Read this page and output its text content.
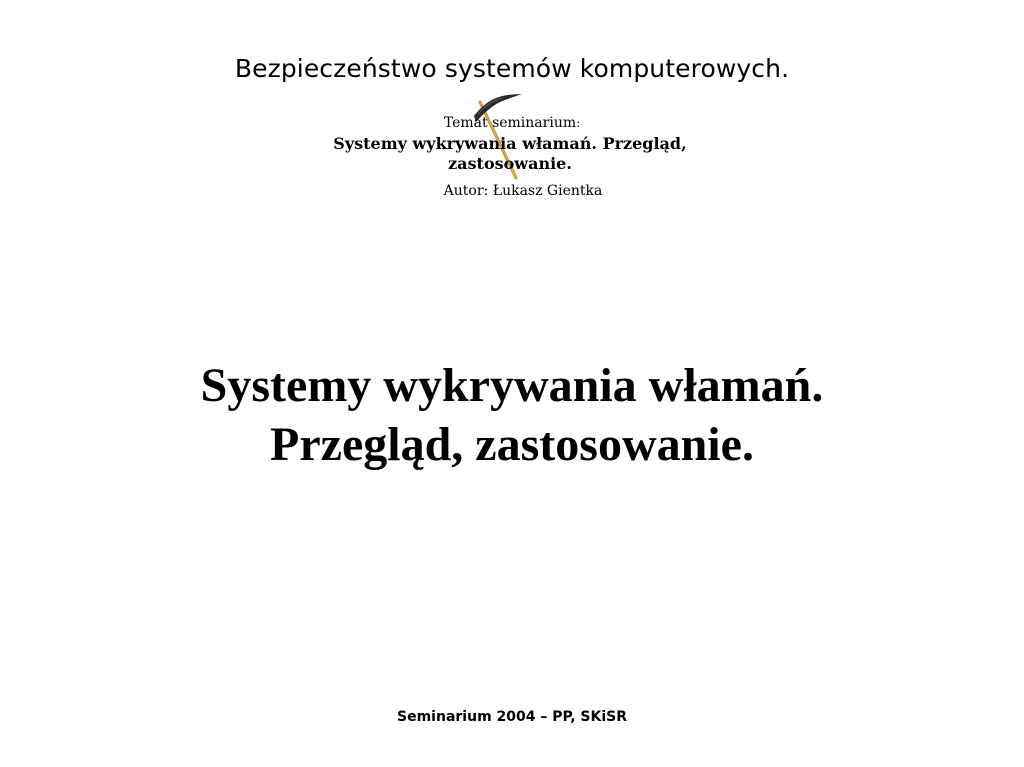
Bezpieczeństwo systemów komputerowych.
Temat seminarium:
Systemy wykrywania włamań. Przegląd,
zastosowanie.
Autor: Łukasz Gientka
Systemy wykrywania włamań.
Przegląd, zastosowanie.
Seminarium 2004 – PP, SKiSR
